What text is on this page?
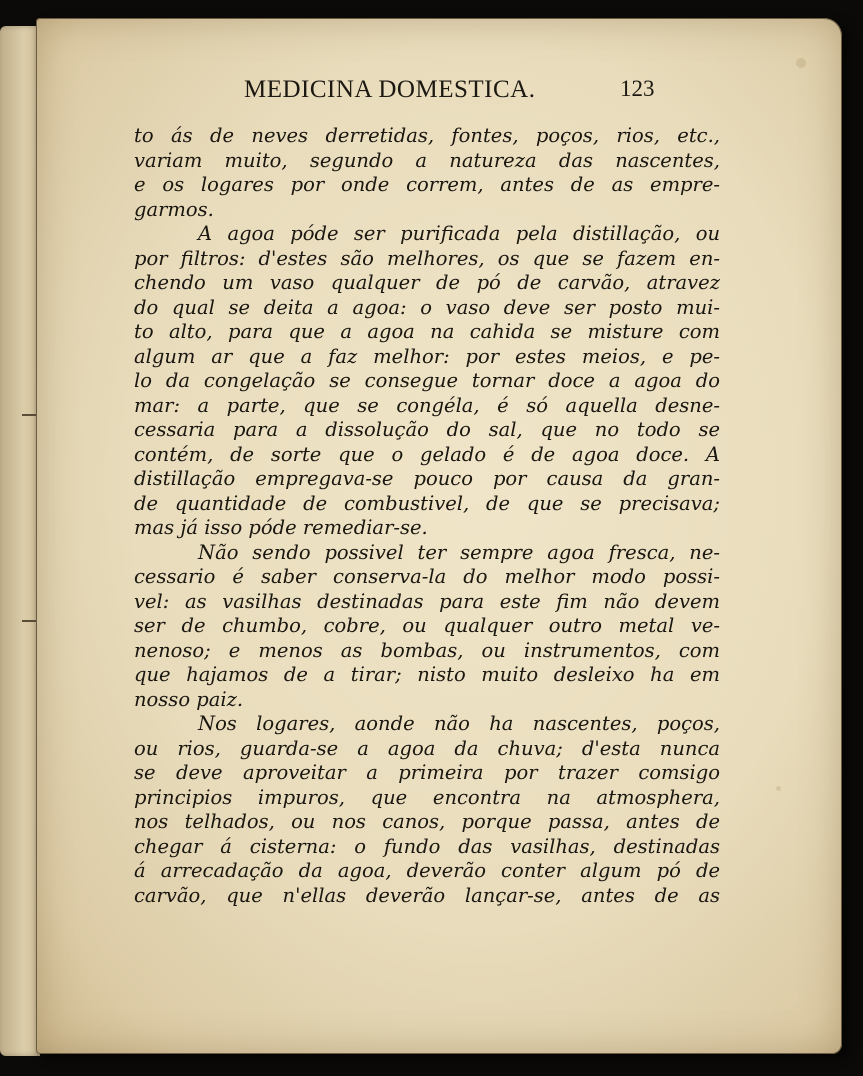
MEDICINA DOMESTICA.	123
to ás de neves derretidas, fontes, poços, rios, etc.,
variam muito, segundo a natureza das nascentes,
e os logares por onde correm, antes de as empre-
garmos.
A agoa póde ser purificada pela distillação, ou
por filtros: d'estes são melhores, os que se fazem en-
chendo um vaso qualquer de pó de carvão, atravez
do qual se deita a agoa: o vaso deve ser posto mui-
to alto, para que a agoa na cahida se misture com
algum ar que a faz melhor: por estes meios, e pe-
lo da congelação se consegue tornar doce a agoa do
mar: a parte, que se congéla, é só aquella desne-
cessaria para a dissolução do sal, que no todo se
contém, de sorte que o gelado é de agoa doce. A
distillação empregava-se pouco por causa da gran-
de quantidade de combustivel, de que se precisava;
mas já isso póde remediar-se.
Não sendo possivel ter sempre agoa fresca, ne-
cessario é saber conserva-la do melhor modo possi-
vel: as vasilhas destinadas para este fim não devem
ser de chumbo, cobre, ou qualquer outro metal ve-
nenoso; e menos as bombas, ou instrumentos, com
que hajamos de a tirar; nisto muito desleixo ha em
nosso paiz.
Nos logares, aonde não ha nascentes, poços,
ou rios, guarda-se a agoa da chuva; d'esta nunca
se deve aproveitar a primeira por trazer comsigo
principios impuros, que encontra na atmosphera,
nos telhados, ou nos canos, porque passa, antes de
chegar á cisterna: o fundo das vasilhas, destinadas
á arrecadação da agoa, deverão conter algum pó de
carvão, que n'ellas deverão lançar-se, antes de as
